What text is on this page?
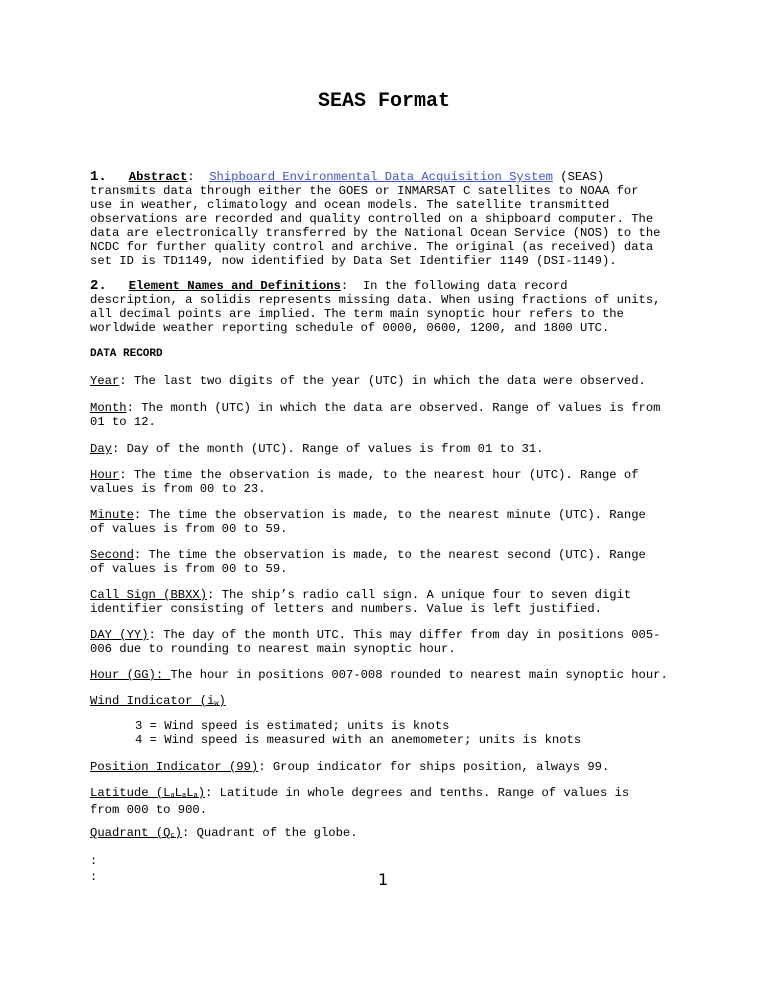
SEAS Format
1. Abstract:  Shipboard Environmental Data Acquisition System (SEAS)
transmits data through either the GOES or INMARSAT C satellites to NOAA for
use in weather, climatology and ocean models. The satellite transmitted
observations are recorded and quality controlled on a shipboard computer. The
data are electronically transferred by the National Ocean Service (NOS) to the
NCDC for further quality control and archive. The original (as received) data
set ID is TD1149, now identified by Data Set Identifier 1149 (DSI-1149).
2. Element Names and Definitions:  In the following data record
description, a solidis represents missing data. When using fractions of units,
all decimal points are implied. The term main synoptic hour refers to the
worldwide weather reporting schedule of 0000, 0600, 1200, and 1800 UTC.
DATA RECORD
Year: The last two digits of the year (UTC) in which the data were observed.
Month: The month (UTC) in which the data are observed. Range of values is from
01 to 12.
Day: Day of the month (UTC). Range of values is from 01 to 31.
Hour: The time the observation is made, to the nearest hour (UTC). Range of
values is from 00 to 23.
Minute: The time the observation is made, to the nearest minute (UTC). Range
of values is from 00 to 59.
Second: The time the observation is made, to the nearest second (UTC). Range
of values is from 00 to 59.
Call Sign (BBXX): The ship’s radio call sign. A unique four to seven digit
identifier consisting of letters and numbers. Value is left justified.
DAY (YY): The day of the month UTC. This may differ from day in positions 005-
006 due to rounding to nearest main synoptic hour.
Hour (GG): The hour in positions 007-008 rounded to nearest main synoptic hour.
Wind Indicator (iw)
3 = Wind speed is estimated; units is knots
4 = Wind speed is measured with an anemometer; units is knots
Position Indicator (99): Group indicator for ships position, always 99.
Latitude (LaLaLa): Latitude in whole degrees and tenths. Range of values is
from 000 to 900.
Quadrant (Qc): Quadrant of the globe.
:
:	1
